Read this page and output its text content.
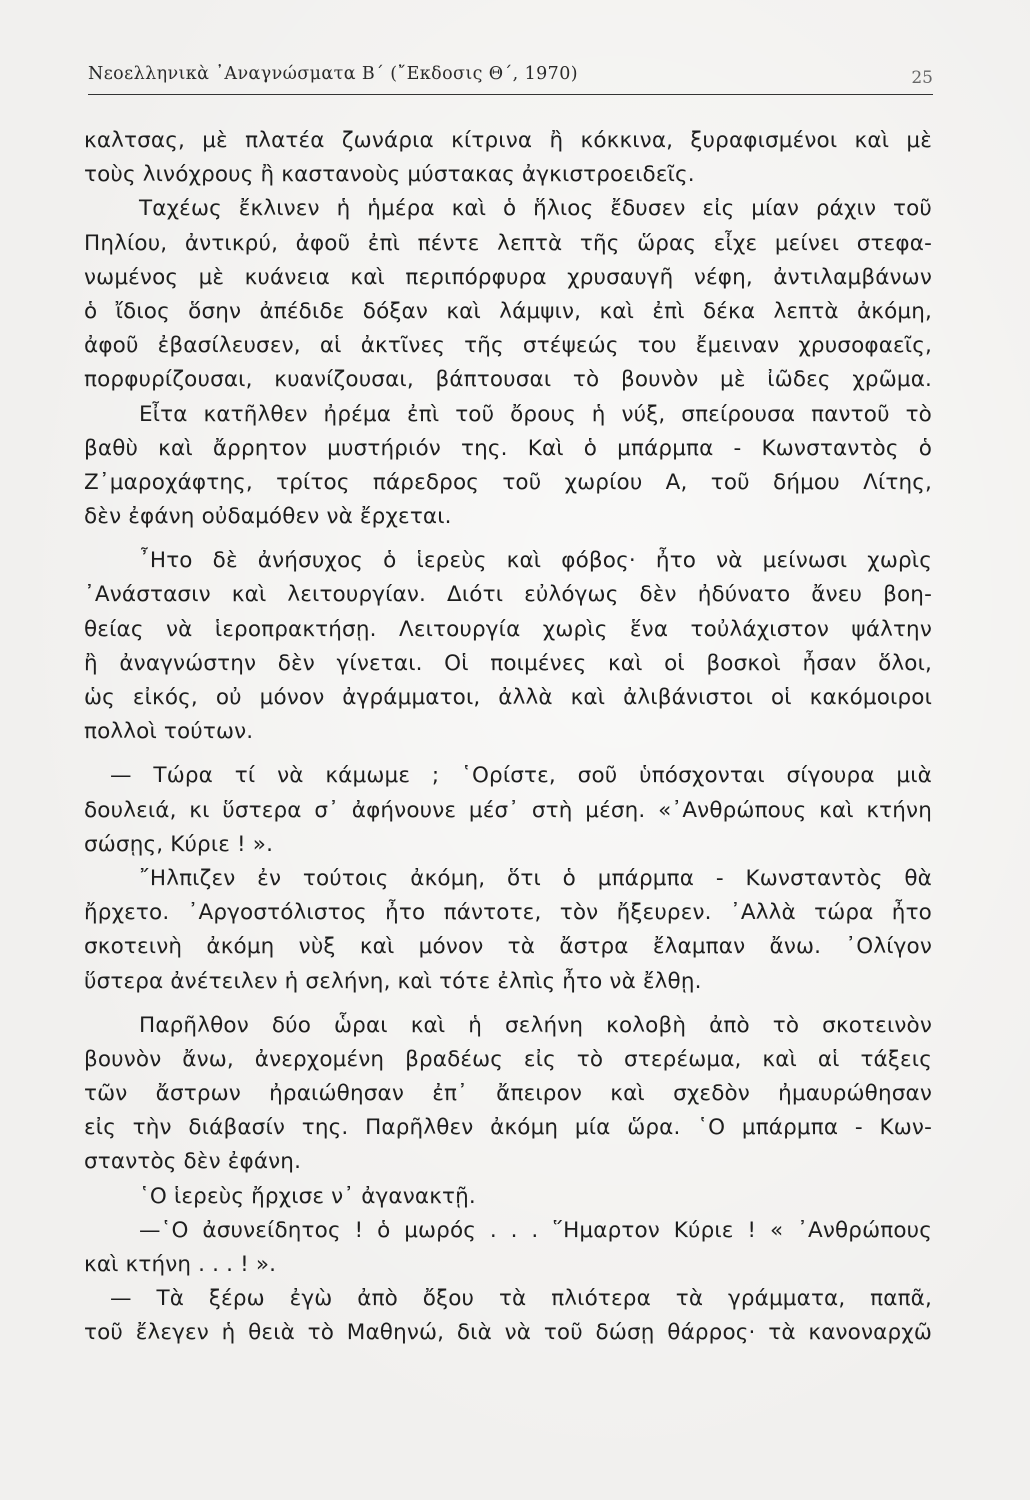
Νεοελληνικὰ ᾿Αναγνώσματα Β΄ (῎Εκδοσις Θ΄, 1970)	25
καλτσας, μὲ πλατέα ζωνάρια κίτρινα ἢ κόκκινα, ξυραφισμένοι καὶ μὲ
τοὺς λινόχρους ἢ καστανοὺς μύστακας ἀγκιστροειδεῖς.
Ταχέως ἔκλινεν ἡ ἡμέρα καὶ ὁ ἥλιος ἔδυσεν εἰς μίαν ράχιν τοῦ
Πηλίου, ἀντικρύ, ἀφοῦ ἐπὶ πέντε λεπτὰ τῆς ὥρας εἶχε μείνει στεφα-
νωμένος μὲ κυάνεια καὶ περιπόρφυρα χρυσαυγῆ νέφη, ἀντιλαμβάνων
ὁ ἴδιος ὅσην ἀπέδιδε δόξαν καὶ λάμψιν, καὶ ἐπὶ δέκα λεπτὰ ἀκόμη,
ἀφοῦ ἐβασίλευσεν, αἱ ἀκτῖνες τῆς στέψεώς του ἔμειναν χρυσοφαεῖς,
πορφυρίζουσαι, κυανίζουσαι, βάπτουσαι τὸ βουνὸν μὲ ἰῶδες χρῶμα.
Εἶτα κατῆλθεν ἠρέμα ἐπὶ τοῦ ὄρους ἡ νύξ, σπείρουσα παντοῦ τὸ
βαθὺ καὶ ἄρρητον μυστήριόν της. Καὶ ὁ μπάρμπα - Κωνσταντὸς ὁ
Ζ᾿μαροχάφτης, τρίτος πάρεδρος τοῦ χωρίου Α, τοῦ δήμου Λίτης,
δὲν ἐφάνη οὐδαμόθεν νὰ ἔρχεται.
῏Ητο δὲ ἀνήσυχος ὁ ἱερεὺς καὶ φόβος· ἦτο νὰ μείνωσι χωρὶς
᾿Ανάστασιν καὶ λειτουργίαν. Διότι εὐλόγως δὲν ἠδύνατο ἄνευ βοη-
θείας νὰ ἱεροπρακτήσῃ. Λειτουργία χωρὶς ἕνα τοὐλάχιστον ψάλτην
ἢ ἀναγνώστην δὲν γίνεται. Οἱ ποιμένες καὶ οἱ βοσκοὶ ἦσαν ὅλοι,
ὡς εἰκός, οὐ μόνον ἀγράμματοι, ἀλλὰ καὶ ἀλιβάνιστοι οἱ κακόμοιροι
πολλοὶ τούτων.
— Τώρα τί νὰ κάμωμε ; ῾Ορίστε, σοῦ ὑπόσχονται σίγουρα μιὰ
δουλειά, κι ὕστερα σ᾿ ἀφήνουνε μέσ᾿ στὴ μέση. «᾿Ανθρώπους καὶ κτήνη
σώσῃς, Κύριε ! ».
῎Ηλπιζεν ἐν τούτοις ἀκόμη, ὅτι ὁ μπάρμπα - Κωνσταντὸς θὰ
ἤρχετο. ᾿Αργοστόλιστος ἦτο πάντοτε, τὸν ἤξευρεν. ᾿Αλλὰ τώρα ἦτο
σκοτεινὴ ἀκόμη νὺξ καὶ μόνον τὰ ἄστρα ἔλαμπαν ἄνω. ᾿Ολίγον
ὕστερα ἀνέτειλεν ἡ σελήνη, καὶ τότε ἐλπὶς ἦτο νὰ ἔλθῃ.
Παρῆλθον δύο ὧραι καὶ ἡ σελήνη κολοβὴ ἀπὸ τὸ σκοτεινὸν
βουνὸν ἄνω, ἀνερχομένη βραδέως εἰς τὸ στερέωμα, καὶ αἱ τάξεις
τῶν ἄστρων ἠραιώθησαν ἐπ᾿ ἄπειρον καὶ σχεδὸν ἠμαυρώθησαν
εἰς τὴν διάβασίν της. Παρῆλθεν ἀκόμη μία ὥρα. ῾Ο μπάρμπα - Κων-
σταντὸς δὲν ἐφάνη.
῾Ο ἱερεὺς ἤρχισε ν᾿ ἀγανακτῇ.
—῾Ο ἀσυνείδητος ! ὁ μωρός . . . ῞Ημαρτον Κύριε ! « ᾿Ανθρώπους
καὶ κτήνη . . . ! ».
— Τὰ ξέρω ἐγὼ ἀπὸ ὄξου τὰ πλιότερα τὰ γράμματα, παπᾶ,
τοῦ ἔλεγεν ἡ θειὰ τὸ Μαθηνώ, διὰ νὰ τοῦ δώσῃ θάρρος· τὰ κανοναρχῶ
